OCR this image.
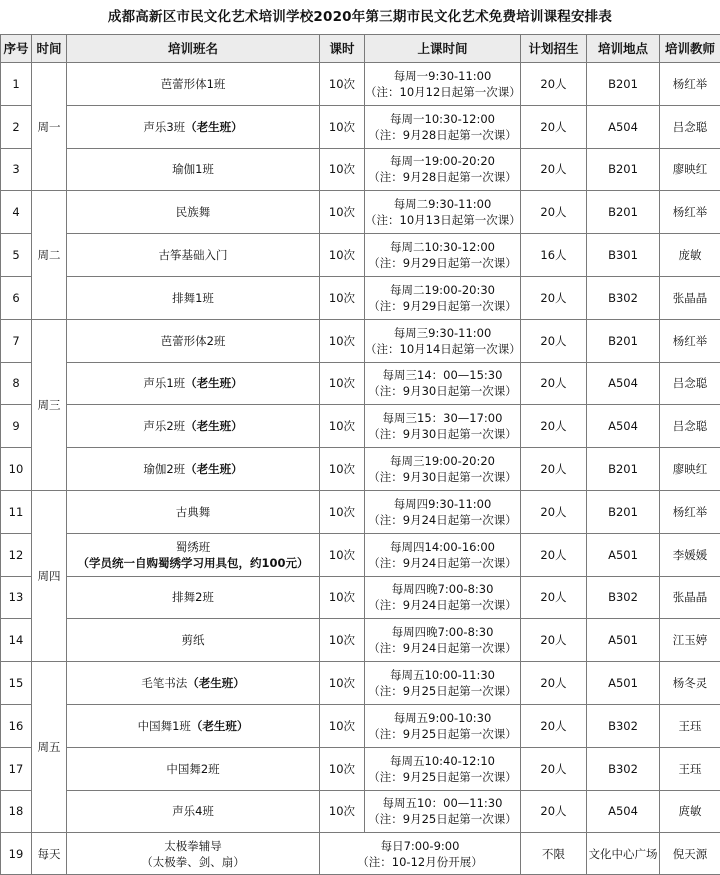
成都高新区市民文化艺术培训学校2020年第三期市民文化艺术免费培训课程安排表
序号	时间	培训班名	课时	上课时间	计划招生	培训地点	培训教师
1	周一	芭蕾形体1班	10次	每周一9:30-11:00
（注：10月12日起第一次课）	20人	B201	杨红举
2		声乐3班（老生班）	10次	每周一10:30-12:00
（注：9月28日起第一次课）	20人	A504	吕念聪
3		瑜伽1班	10次	每周一19:00-20:20
（注：9月28日起第一次课）	20人	B201	廖映红
4	周二	民族舞	10次	每周二9:30-11:00
（注：10月13日起第一次课）	20人	B201	杨红举
5		古筝基础入门	10次	每周二10:30-12:00
（注：9月29日起第一次课）	16人	B301	庞敏
6		排舞1班	10次	每周二19:00-20:30
（注：9月29日起第一次课）	20人	B302	张晶晶
7	周三	芭蕾形体2班	10次	每周三9:30-11:00
（注：10月14日起第一次课）	20人	B201	杨红举
8		声乐1班（老生班）	10次	每周三14：00—15:30
（注：9月30日起第一次课）	20人	A504	吕念聪
9		声乐2班（老生班）	10次	每周三15：30—17:00
（注：9月30日起第一次课）	20人	A504	吕念聪
10		瑜伽2班（老生班）	10次	每周三19:00-20:20
（注：9月30日起第一次课）	20人	B201	廖映红
11	周四	古典舞	10次	每周四9:30-11:00
（注：9月24日起第一次课）	20人	B201	杨红举
12		蜀绣班
（学员统一自购蜀绣学习用具包，约100元）	10次	每周四14:00-16:00
（注：9月24日起第一次课）	20人	A501	李媛媛
13		排舞2班	10次	每周四晚7:00-8:30
（注：9月24日起第一次课）	20人	B302	张晶晶
14		剪纸	10次	每周四晚7:00-8:30
（注：9月24日起第一次课）	20人	A501	江玉婷
15	周五	毛笔书法（老生班）	10次	每周五10:00-11:30
（注：9月25日起第一次课）	20人	A501	杨冬灵
16		中国舞1班（老生班）	10次	每周五9:00-10:30
（注：9月25日起第一次课）	20人	B302	王珏
17		中国舞2班	10次	每周五10:40-12:10
（注：9月25日起第一次课）	20人	B302	王珏
18		声乐4班	10次	每周五10：00—11:30
（注：9月25日起第一次课）	20人	A504	庹敏
19	每天	太极拳辅导
（太极拳、剑、扇）	每日7:00-9:00
（注：10-12月份开展）		不限	文化中心广场	倪天源
